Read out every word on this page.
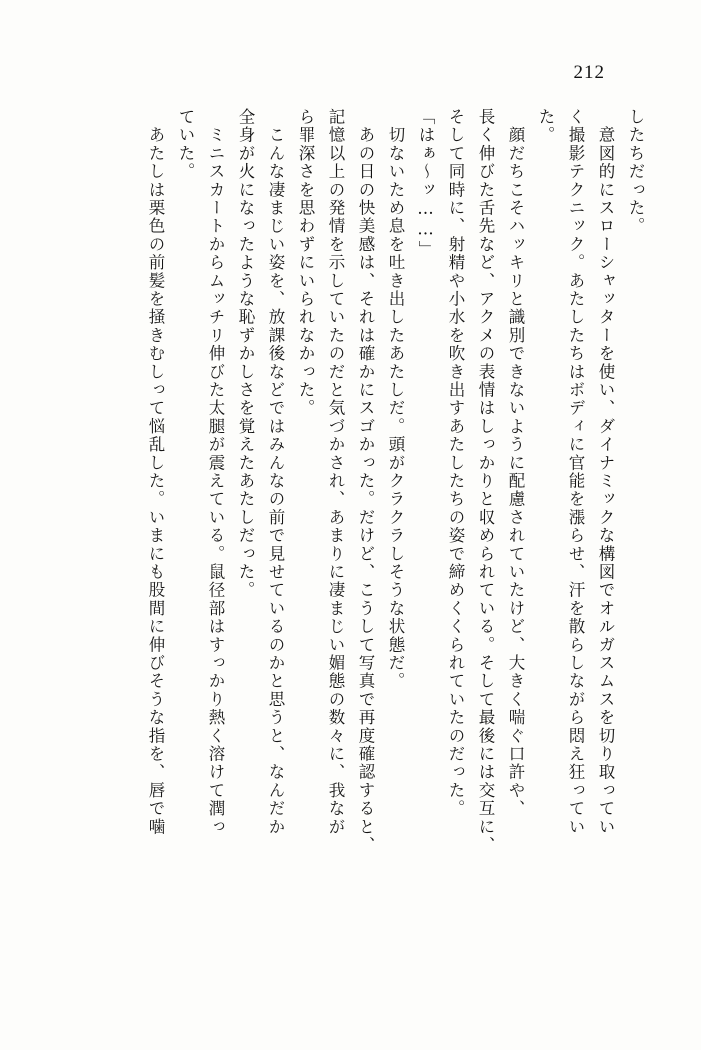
212
したちだった。
　意図的にスローシャッターを使い、ダイナミックな構図でオルガスムスを切り取ってい
く撮影テクニック。あたしたちはボディに官能を漲らせ、汗を散らしながら悶え狂ってい
た。
　顔だちこそハッキリと識別できないように配慮されていたけど、大きく喘ぐ口許や、
長く伸びた舌先など、アクメの表情はしっかりと収められている。そして最後には交互に、
そして同時に、射精や小水を吹き出すあたしたちの姿で締めくくられていたのだった。
「はぁ〜ッ……」
　切ないため息を吐き出したあたしだ。頭がクラクラしそうな状態だ。
　あの日の快美感は、それは確かにスゴかった。だけど、こうして写真で再度確認すると、
記憶以上の発情を示していたのだと気づかされ、あまりに凄まじい媚態の数々に、我なが
ら罪深さを思わずにいられなかった。
　こんな凄まじい姿を、放課後などではみんなの前で見せているのかと思うと、なんだか
全身が火になったような恥ずかしさを覚えたあたしだった。
　ミニスカートからムッチリ伸びた太腿が震えている。鼠径部はすっかり熱く溶けて潤っ
ていた。
　あたしは栗色の前髪を掻きむしって悩乱した。いまにも股間に伸びそうな指を、唇で噛
